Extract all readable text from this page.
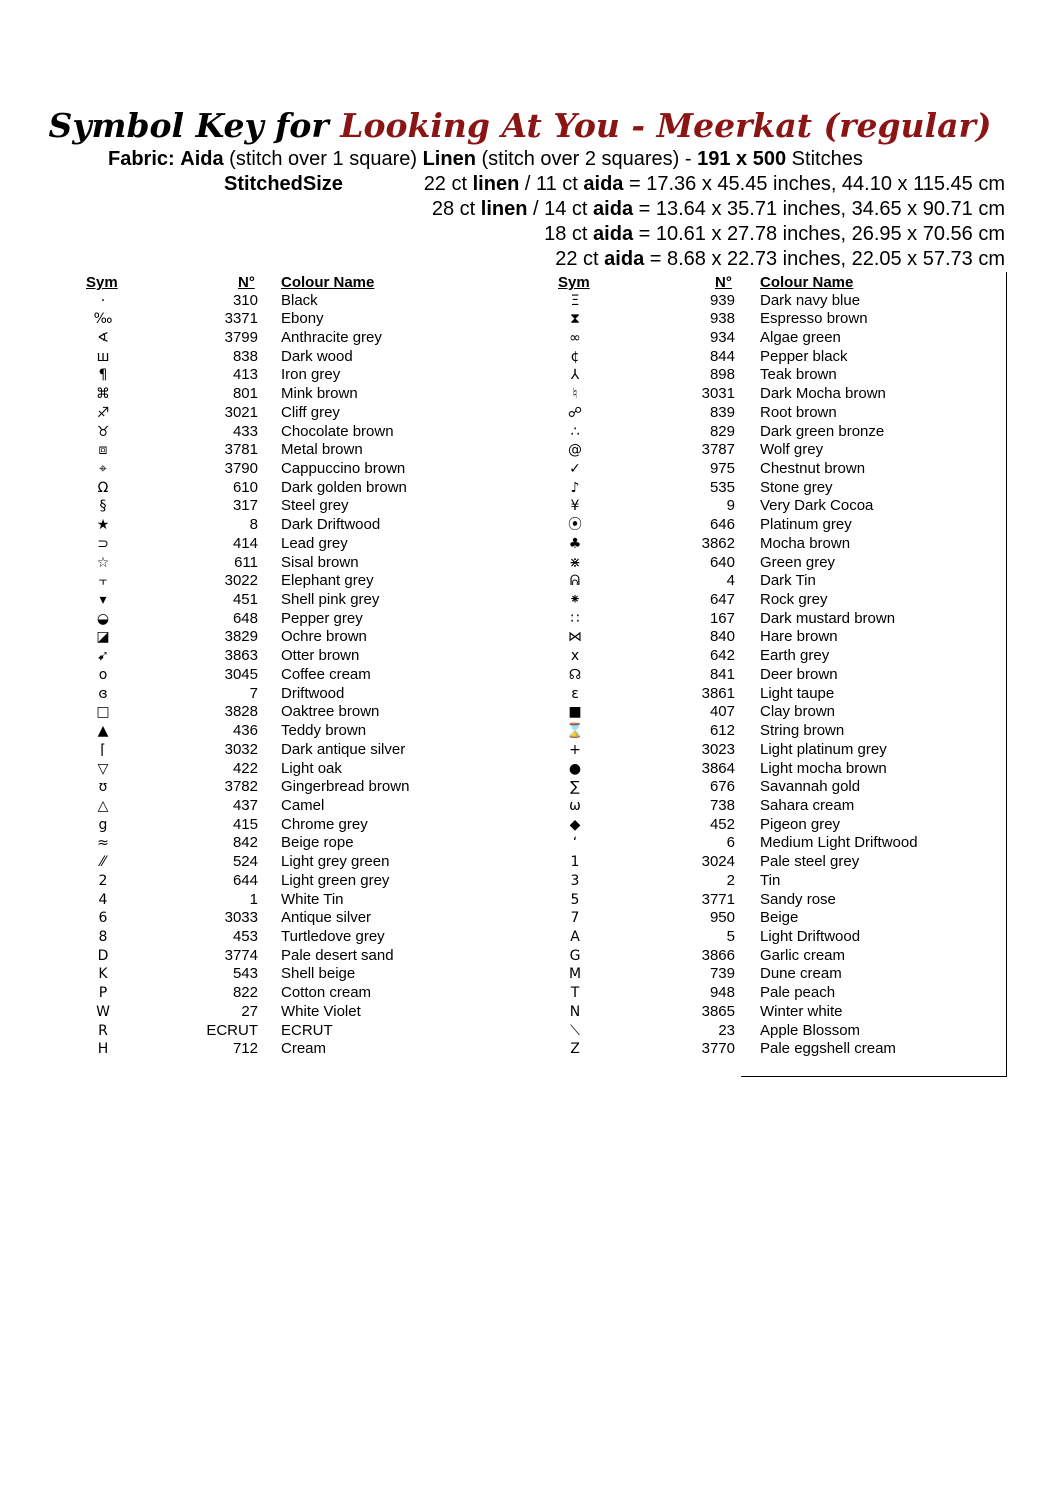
Symbol Key for Looking At You - Meerkat (regular)
Fabric: Aida (stitch over 1 square) Linen (stitch over 2 squares) - 191 x 500 Stitches
StitchedSize	22 ct linen / 11 ct aida = 17.36 x 45.45 inches, 44.10 x 115.45 cm
28 ct linen / 14 ct aida = 13.64 x 35.71 inches, 34.65 x 90.71 cm
18 ct aida = 10.61 x 27.78 inches, 26.95 x 70.56 cm
22 ct aida = 8.68 x 22.73 inches, 22.05 x 57.73 cm
Sym	N° Colour Name	Sym	N° Colour Name
·	310 Black
‰	3371 Ebony
∢	3799 Anthracite grey
ш	838 Dark wood
¶	413 Iron grey
⌘	801 Mink brown
♐	3021 Cliff grey
♉	433 Chocolate brown
⧈	3781 Metal brown
⌖	3790 Cappuccino brown
Ω	610 Dark golden brown
§	317 Steel grey
★	8 Dark Driftwood
⊃	414 Lead grey
☆	611 Sisal brown
⫟	3022 Elephant grey
▾	451 Shell pink grey
◒	648 Pepper grey
◪	3829 Ochre brown
➹	3863 Otter brown
o	3045 Coffee cream
ɞ	7 Driftwood
□	3828 Oaktree brown
▲	436 Teddy brown
⌈	3032 Dark antique silver
▽	422 Light oak
ʊ	3782 Gingerbread brown
△	437 Camel
g	415 Chrome grey
≈	842 Beige rope
⁄⁄	524 Light grey green
2	644 Light green grey
4	1 White Tin
6	3033 Antique silver
8	453 Turtledove grey
D	3774 Pale desert sand
K	543 Shell beige
P	822 Cotton cream
W	27 White Violet
R	ECRUT ECRUT
H	712 Cream
Ξ	939 Dark navy blue
⧗	938 Espresso brown
∞	934 Algae green
¢	844 Pepper black
⅄	898 Teak brown
♮	3031 Dark Mocha brown
☍	839 Root brown
∴	829 Dark green bronze
@	3787 Wolf grey
✓	975 Chestnut brown
♪	535 Stone grey
¥	9 Very Dark Cocoa
⦿	646 Platinum grey
♣	3862 Mocha brown
⋇	640 Green grey
ᕱ	4 Dark Tin
⁕	647 Rock grey
∷	167 Dark mustard brown
⋈	840 Hare brown
x	642 Earth grey
☊	841 Deer brown
ε	3861 Light taupe
■	407 Clay brown
⌛	612 String brown
+	3023 Light platinum grey
●	3864 Light mocha brown
∑	676 Savannah gold
ω	738 Sahara cream
◆	452 Pigeon grey
ʻ	6 Medium Light Driftwood
1	3024 Pale steel grey
3	2 Tin
5	3771 Sandy rose
7	950 Beige
A	5 Light Driftwood
G	3866 Garlic cream
M	739 Dune cream
T	948 Pale peach
N	3865 Winter white
⟍	23 Apple Blossom
Z	3770 Pale eggshell cream
